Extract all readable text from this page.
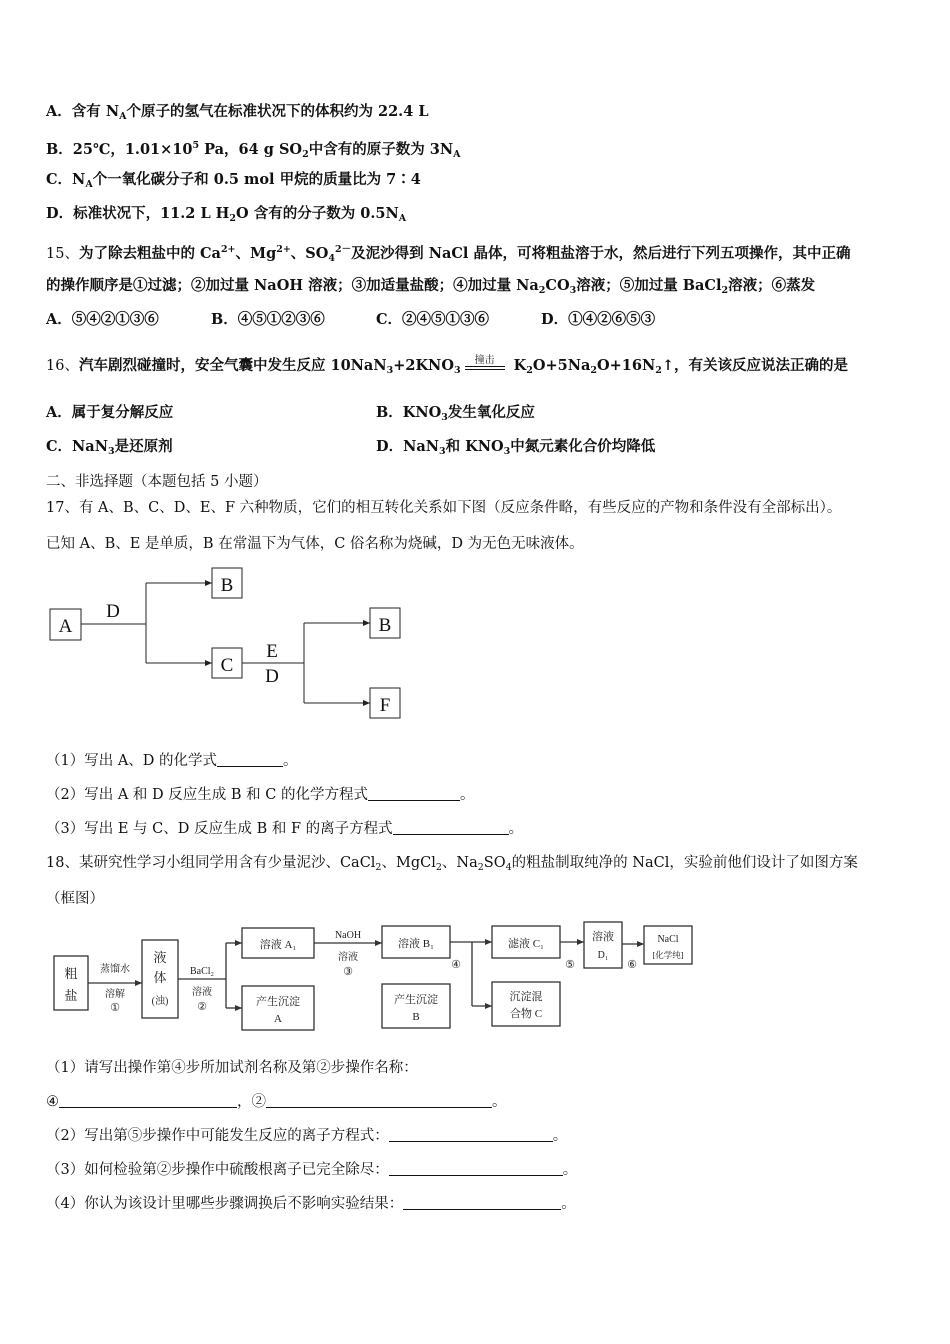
A．含有 $N_A$个原子的氢气在标准状况下的体积约为 22.4 L
B．25℃，$1.01\times 10^5$ Pa，64 g $SO_2$中含有的原子数为 $3N_A$
C．$N_A$个一氧化碳分子和 0.5 mol 甲烷的质量比为 7∶4
D．标准状况下，11.2 L $H_2O$ 含有的分子数为 $0.5N_A$
15、为了除去粗盐中的 $Ca^{2+}$、$Mg^{2+}$、$SO_4^{2-}$及泥沙得到 NaCl 晶体，可将粗盐溶于水，然后进行下列五项操作，其中正确
的操作顺序是①过滤；②加过量 NaOH 溶液；③加适量盐酸；④加过量 $Na_2CO_3$溶液；⑤加过量 BaCl$_2$溶液；⑥蒸发
A．⑤④②①③⑥	B．④⑤①②③⑥	C．②④⑤①③⑥	D．①④②⑥⑤③
16、汽车剧烈碰撞时，安全气囊中发生反应 $10NaN_3+2KNO_3$
撞击 $K_2O+5Na_2O+16N_2↑$，有关该反应说法正确的是
A．属于复分解反应	B．$KNO_3$发生氧化反应
C．NaN$_3$是还原剂	D．NaN$_3$和 $KNO_3$中氮元素化合价均降低
二、非选择题（本题包括 5 小题）
17、有 A、B、C、D、E、F 六种物质，它们的相互转化关系如下图（反应条件略，有些反应的产物和条件没有全部标出）。
已知 A、B、E 是单质，B 在常温下为气体，C 俗名称为烧碱，D 为无色无味液体。
A
D
B
C
E
D
B
F
（1）写出 A、D 的化学式	。
（2）写出 A 和 D 反应生成 B 和 C 的化学方程式	。
（3）写出 E 与 C、D 反应生成 B 和 F 的离子方程式	。
18、某研究性学习小组同学用含有少量泥沙、CaCl$_2$、MgCl$_2$、$Na_2SO_4$的粗盐制取纯净的 NaCl，实验前他们设计了如图方案
（框图）
粗
盐
蒸馏水
溶解
①
液
体
(浊)
BaCl₂
溶液
②
溶液 A₁
产生沉淀
A
NaOH
溶液
③
溶液 B₁
产生沉淀
B
④
滤液 C₁
沉淀混
合物 C
⑤
溶液
D₁
⑥
NaCl
[化学纯]
（1）请写出操作第④步所加试剂名称及第②步操作名称：
④	，②	。
（2）写出第⑤步操作中可能发生反应的离子方程式：	。
（3）如何检验第②步操作中硫酸根离子已完全除尽：	。
（4）你认为该设计里哪些步骤调换后不影响实验结果：	。
